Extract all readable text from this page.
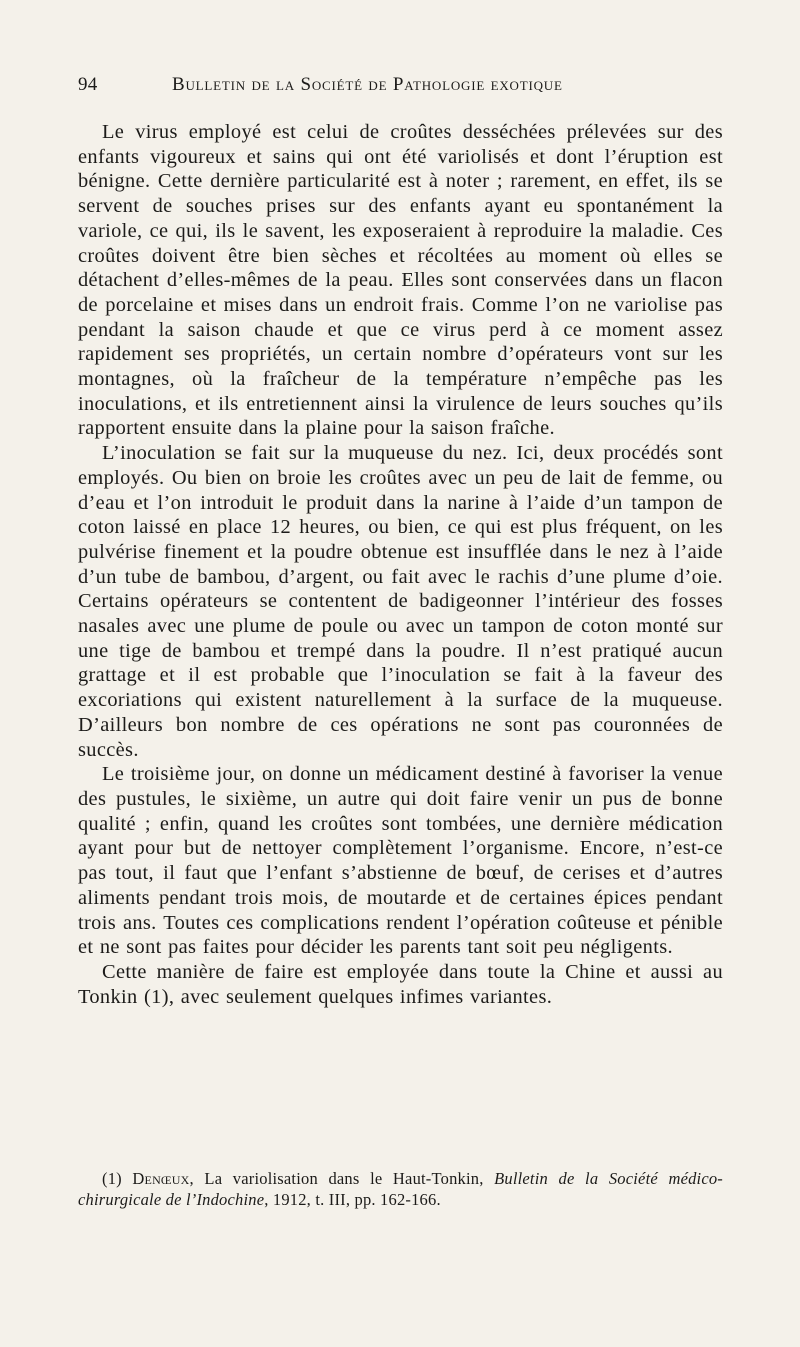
94	Bulletin de la Société de Pathologie exotique

Le virus employé est celui de croûtes desséchées prélevées sur des enfants vigoureux et sains qui ont été variolisés et dont l’éruption est bénigne. Cette dernière particularité est à noter ; rarement, en effet, ils se servent de souches prises sur des enfants ayant eu spontanément la variole, ce qui, ils le savent, les exposeraient à reproduire la maladie. Ces croûtes doivent être bien sèches et récoltées au moment où elles se détachent d’elles-mêmes de la peau. Elles sont conservées dans un flacon de porcelaine et mises dans un endroit frais. Comme l’on ne variolise pas pendant la saison chaude et que ce virus perd à ce moment assez rapidement ses propriétés, un certain nombre d’opérateurs vont sur les montagnes, où la fraîcheur de la température n’empêche pas les inoculations, et ils entretiennent ainsi la virulence de leurs souches qu’ils rapportent ensuite dans la plaine pour la saison fraîche.

L’inoculation se fait sur la muqueuse du nez. Ici, deux procédés sont employés. Ou bien on broie les croûtes avec un peu de lait de femme, ou d’eau et l’on introduit le produit dans la narine à l’aide d’un tampon de coton laissé en place 12 heures, ou bien, ce qui est plus fréquent, on les pulvérise finement et la poudre obtenue est insufflée dans le nez à l’aide d’un tube de bambou, d’argent, ou fait avec le rachis d’une plume d’oie. Certains opérateurs se contentent de badigeonner l’intérieur des fosses nasales avec une plume de poule ou avec un tampon de coton monté sur une tige de bambou et trempé dans la poudre. Il n’est pratiqué aucun grattage et il est probable que l’inoculation se fait à la faveur des excoriations qui existent naturellement à la surface de la muqueuse. D’ailleurs bon nombre de ces opérations ne sont pas couronnées de succès.

Le troisième jour, on donne un médicament destiné à favoriser la venue des pustules, le sixième, un autre qui doit faire venir un pus de bonne qualité ; enfin, quand les croûtes sont tombées, une dernière médication ayant pour but de nettoyer complètement l’organisme. Encore, n’est-ce pas tout, il faut que l’enfant s’abstienne de bœuf, de cerises et d’autres aliments pendant trois mois, de moutarde et de certaines épices pendant trois ans. Toutes ces complications rendent l’opération coûteuse et pénible et ne sont pas faites pour décider les parents tant soit peu négligents.

Cette manière de faire est employée dans toute la Chine et aussi au Tonkin (1), avec seulement quelques infimes variantes.

(1) Denœux, La variolisation dans le Haut-Tonkin, Bulletin de la Société médico-chirurgicale de l’Indochine, 1912, t. III, pp. 162-166.
